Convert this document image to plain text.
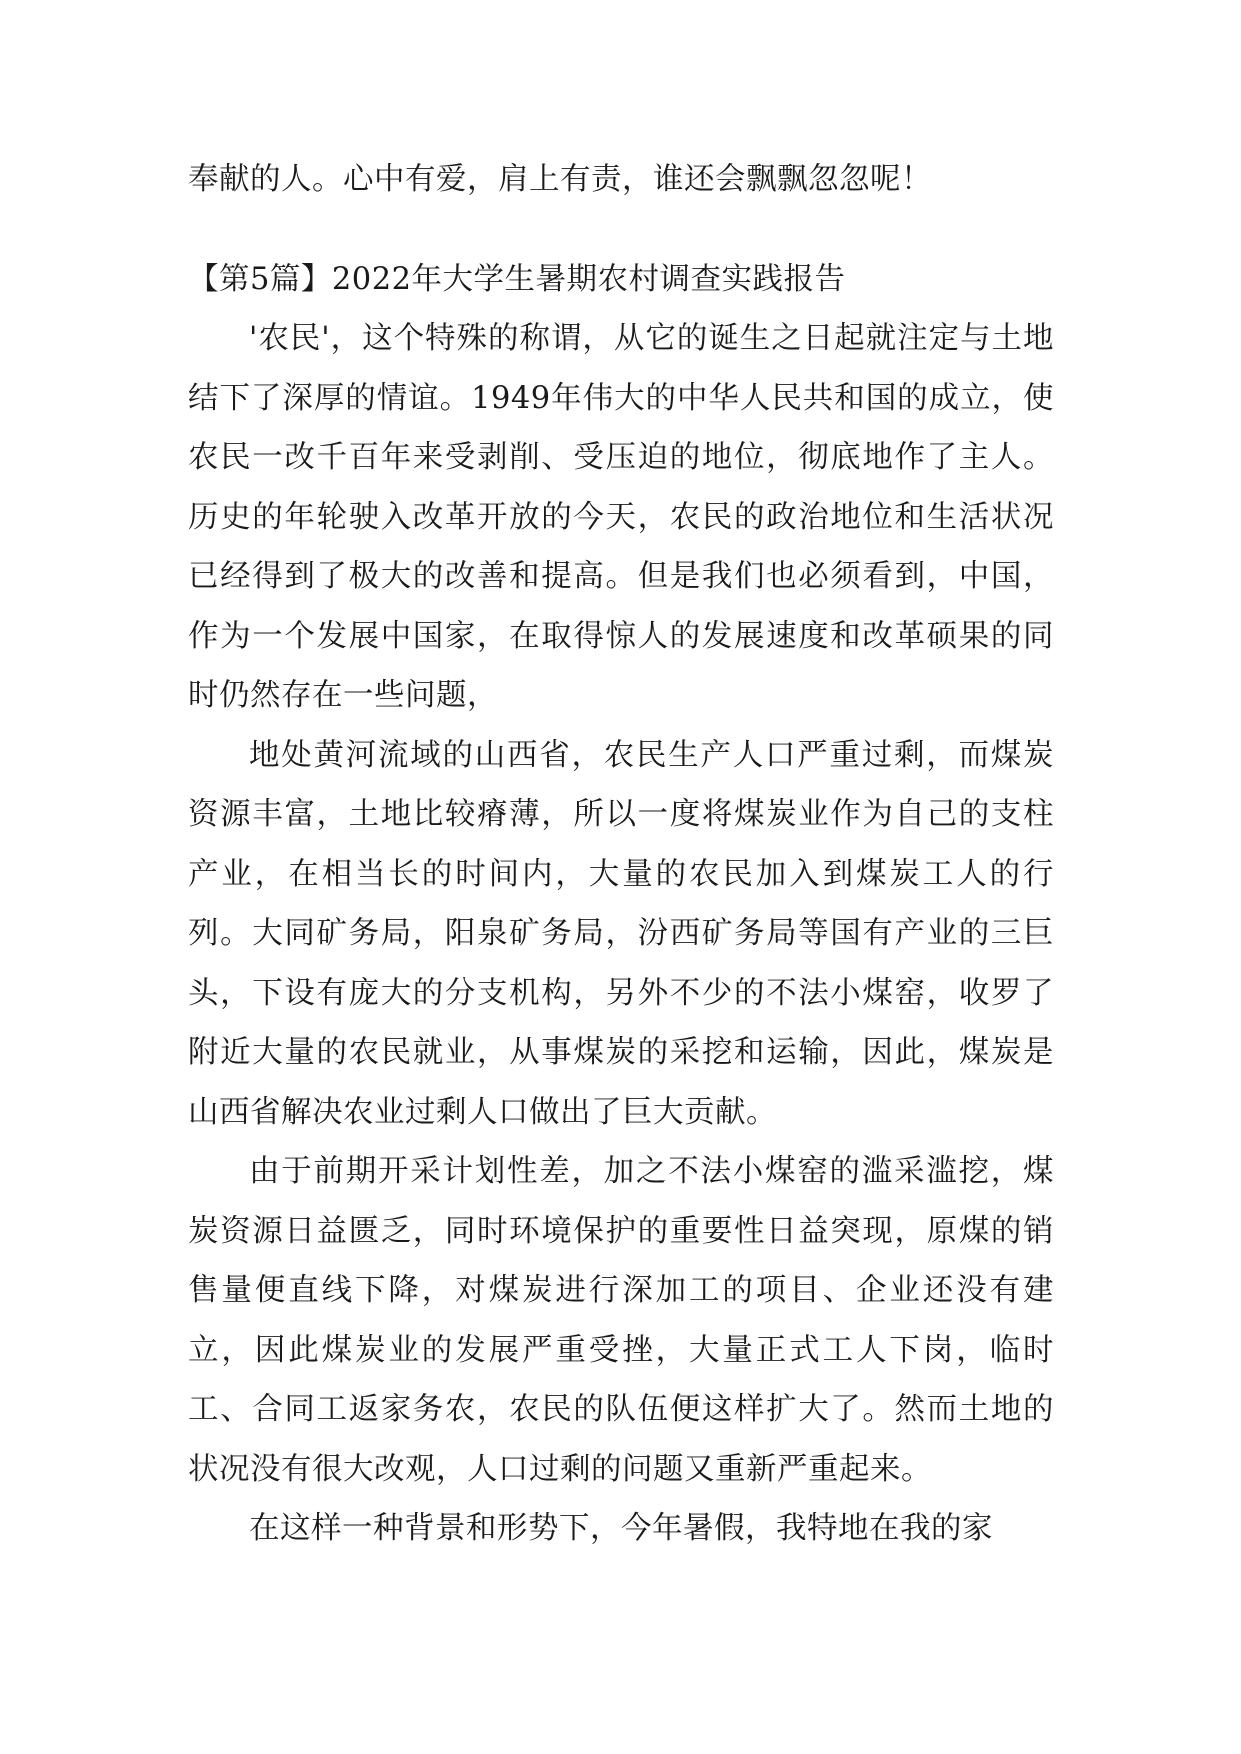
奉献的人。心中有爱，肩上有责，谁还会飘飘忽忽呢！

【第5篇】2022年大学生暑期农村调查实践报告

'农民'，这个特殊的称谓，从它的诞生之日起就注定与土地结下了深厚的情谊。1949年伟大的中华人民共和国的成立，使农民一改千百年来受剥削、受压迫的地位，彻底地作了主人。历史的年轮驶入改革开放的今天，农民的政治地位和生活状况已经得到了极大的改善和提高。但是我们也必须看到，中国，作为一个发展中国家，在取得惊人的发展速度和改革硕果的同时仍然存在一些问题，

地处黄河流域的山西省，农民生产人口严重过剩，而煤炭资源丰富，土地比较瘠薄，所以一度将煤炭业作为自己的支柱产业，在相当长的时间内，大量的农民加入到煤炭工人的行列。大同矿务局，阳泉矿务局，汾西矿务局等国有产业的三巨头，下设有庞大的分支机构，另外不少的不法小煤窑，收罗了附近大量的农民就业，从事煤炭的采挖和运输，因此，煤炭是山西省解决农业过剩人口做出了巨大贡献。

由于前期开采计划性差，加之不法小煤窑的滥采滥挖，煤炭资源日益匮乏，同时环境保护的重要性日益突现，原煤的销售量便直线下降，对煤炭进行深加工的项目、企业还没有建立，因此煤炭业的发展严重受挫，大量正式工人下岗，临时工、合同工返家务农，农民的队伍便这样扩大了。然而土地的状况没有很大改观，人口过剩的问题又重新严重起来。

在这样一种背景和形势下，今年暑假，我特地在我的家
